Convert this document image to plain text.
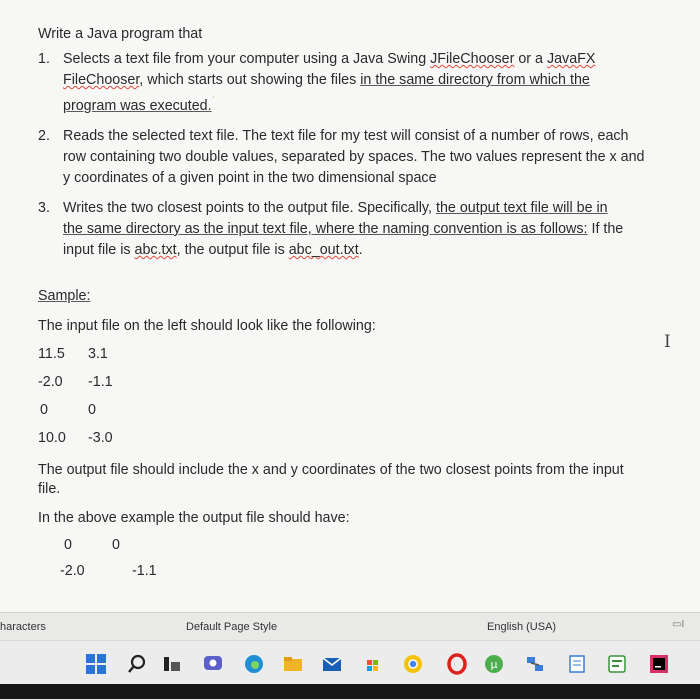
Write a Java program that
1. Selects a text file from your computer using a Java Swing JFileChooser or a JavaFX
FileChooser, which starts out showing the files in the same directory from which the
program was executed.$^ˈ$
2. Reads the selected text file. The text file for my test will consist of a number of rows, each
row containing two double values, separated by spaces. The two values represent the x and
y coordinates of a given point in the two dimensional space
3. Writes the two closest points to the output file. Specifically, the output text file will be in
the same directory as the input text file, where the naming convention is as follows: If the
input file is abc.txt, the output file is abc_out.txt.
Sample:
The input file on the left should look like the following:
11.5 3.1
-2.0 -1.1
0	0
10.0 -3.0
The output file should include the x and y coordinates of the two closest points from the input
file.
In the above example the output file should have:
0	0
-2.0	-1.1
I
haracters	Default Page Style	English (USA)	▭I
µ
